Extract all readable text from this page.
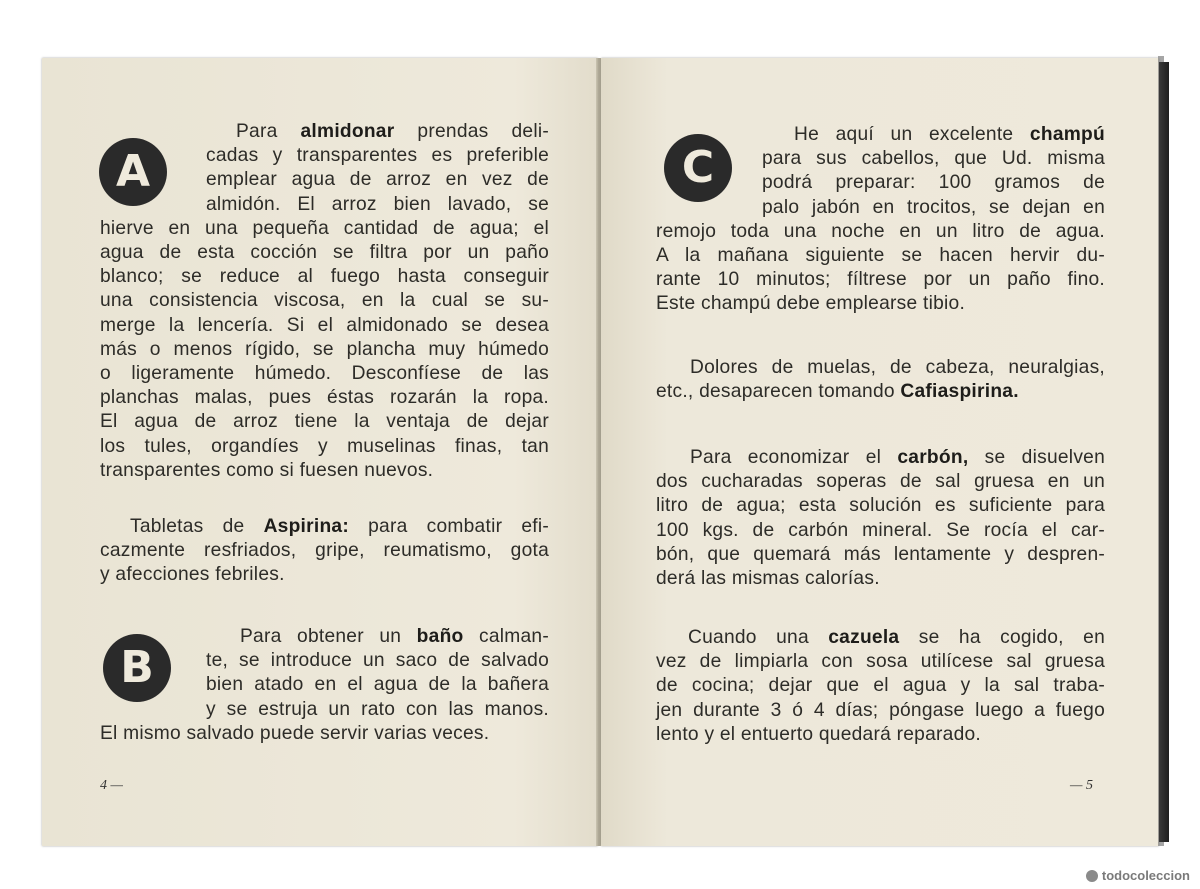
A

Para almidonar prendas deli-

cadas y transparentes es preferible

emplear agua de arroz en vez de

almidón. El arroz bien lavado, se

hierve en una pequeña cantidad de agua; el

agua de esta cocción se filtra por un paño

blanco; se reduce al fuego hasta conseguir

una consistencia viscosa, en la cual se su-

merge la lencería. Si el almidonado se desea

más o menos rígido, se plancha muy húmedo

o ligeramente húmedo. Desconfíese de las

planchas malas, pues éstas rozarán la ropa.

El agua de arroz tiene la ventaja de dejar

los tules, organdíes y muselinas finas, tan

transparentes como si fuesen nuevos.

Tabletas de Aspirina: para combatir efi-

cazmente resfriados, gripe, reumatismo, gota

y afecciones febriles.

B

Para obtener un baño calman-

te, se introduce un saco de salvado

bien atado en el agua de la bañera

y se estruja un rato con las manos.

El mismo salvado puede servir varias veces.

4 —
C

He aquí un excelente champú

para sus cabellos, que Ud. misma

podrá preparar: 100 gramos de

palo jabón en trocitos, se dejan en

remojo toda una noche en un litro de agua.

A la mañana siguiente se hacen hervir du-

rante 10 minutos; fíltrese por un paño fino.

Este champú debe emplearse tibio.

Dolores de muelas, de cabeza, neuralgias,

etc., desaparecen tomando Cafiaspirina.

Para economizar el carbón, se disuelven

dos cucharadas soperas de sal gruesa en un

litro de agua; esta solución es suficiente para

100 kgs. de carbón mineral. Se rocía el car-

bón, que quemará más lentamente y despren-

derá las mismas calorías.

Cuando una cazuela se ha cogido, en

vez de limpiarla con sosa utilícese sal gruesa

de cocina; dejar que el agua y la sal traba-

jen durante 3 ó 4 días; póngase luego a fuego

lento y el entuerto quedará reparado.

— 5
todocoleccion
